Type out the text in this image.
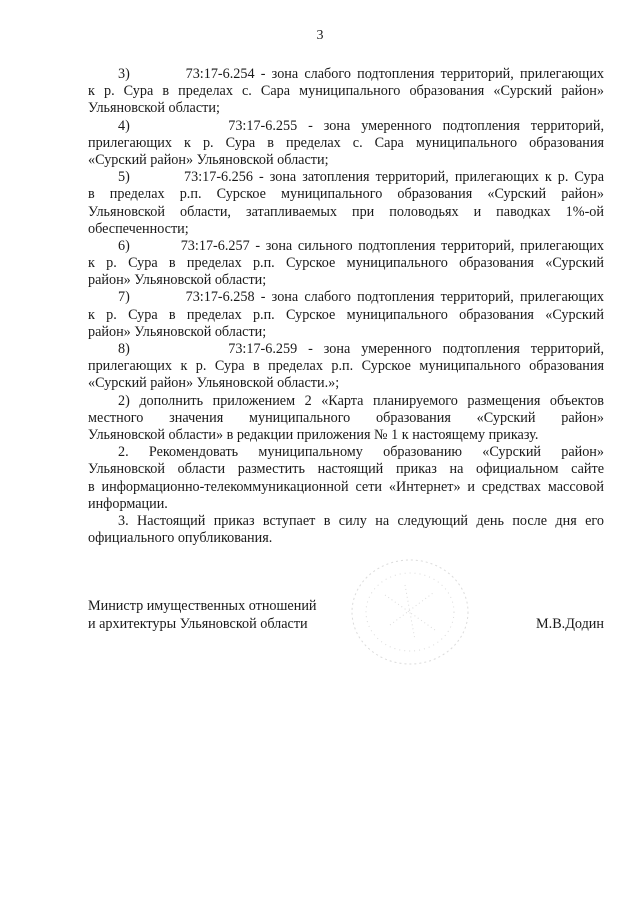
3

3)         73:17-6.254 - зона слабого подтопления территорий, прилегающих
к р. Сура в пределах с. Сара муниципального образования «Сурский район»
Ульяновской области;

4)         73:17-6.255 - зона умеренного подтопления территорий,
прилегающих к р. Сура в пределах с. Сара муниципального образования
«Сурский район» Ульяновской области;

5)         73:17-6.256 - зона затопления территорий, прилегающих к р. Сура
в пределах р.п. Сурское муниципального образования «Сурский район»
Ульяновской области, затапливаемых при половодьях и паводках 1%-ой
обеспеченности;

6)         73:17-6.257 - зона сильного подтопления территорий, прилегающих
к р. Сура в пределах р.п. Сурское муниципального образования «Сурский
район» Ульяновской области;

7)         73:17-6.258 - зона слабого подтопления территорий, прилегающих
к р. Сура в пределах р.п. Сурское муниципального образования «Сурский
район» Ульяновской области;

8)         73:17-6.259 - зона умеренного подтопления территорий,
прилегающих к р. Сура в пределах р.п. Сурское муниципального образования
«Сурский район» Ульяновской области.»;

2) дополнить приложением 2 «Карта планируемого размещения объектов
местного значения муниципального образования «Сурский район»
Ульяновской области» в редакции приложения № 1 к настоящему приказу.

2. Рекомендовать муниципальному образованию «Сурский район»
Ульяновской области разместить настоящий приказ на официальном сайте
в информационно-телекоммуникационной сети «Интернет» и средствах массовой
информации.

3. Настоящий приказ вступает в силу на следующий день после дня его
официального опубликования.

Министр имущественных отношений
и архитектуры Ульяновской области	М.В.Додин
